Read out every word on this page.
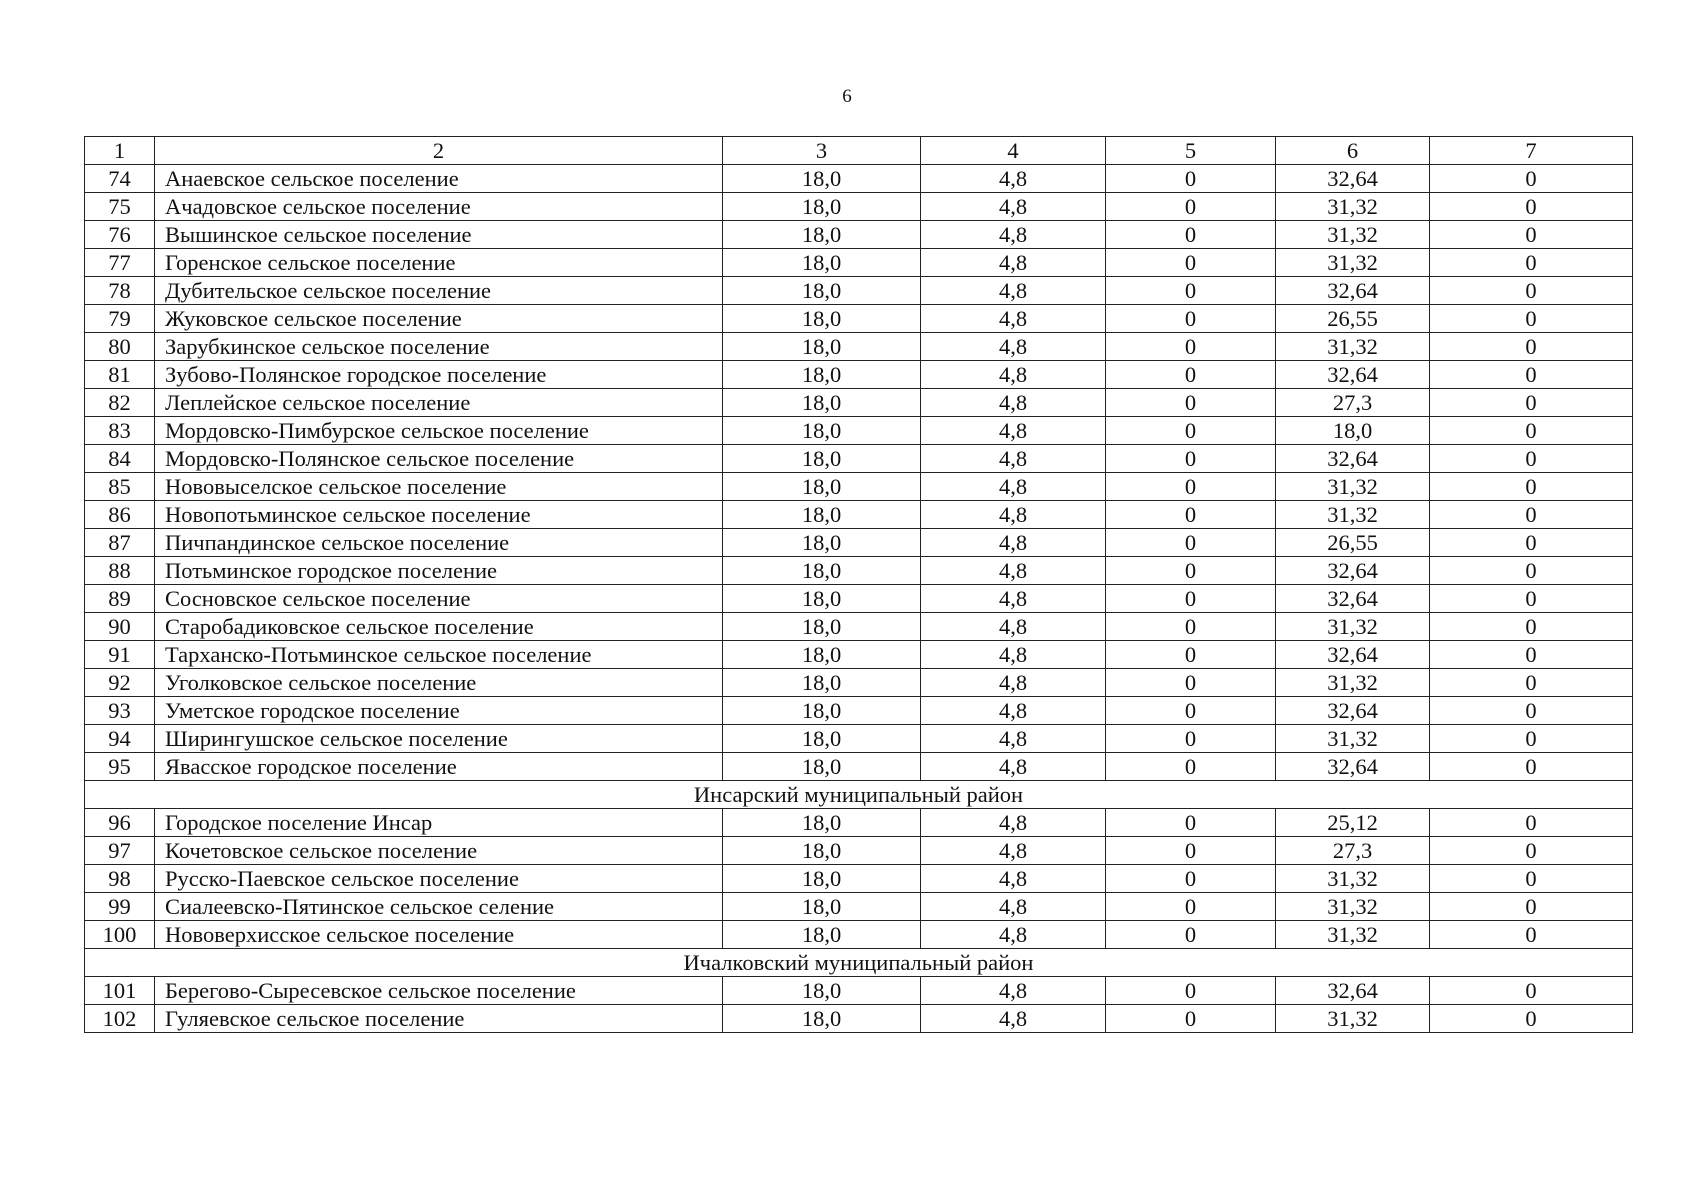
6
1	2	3	4	5	6	7
74	Анаевское сельское поселение	18,0	4,8	0	32,64	0
75	Ачадовское сельское поселение	18,0	4,8	0	31,32	0
76	Вышинское сельское поселение	18,0	4,8	0	31,32	0
77	Горенское сельское поселение	18,0	4,8	0	31,32	0
78	Дубительское сельское поселение	18,0	4,8	0	32,64	0
79	Жуковское сельское поселение	18,0	4,8	0	26,55	0
80	Зарубкинское сельское поселение	18,0	4,8	0	31,32	0
81	Зубово-Полянское городское поселение	18,0	4,8	0	32,64	0
82	Леплейское сельское поселение	18,0	4,8	0	27,3	0
83	Мордовско-Пимбурское сельское поселение	18,0	4,8	0	18,0	0
84	Мордовско-Полянское сельское поселение	18,0	4,8	0	32,64	0
85	Нововыселское сельское поселение	18,0	4,8	0	31,32	0
86	Новопотьминское сельское поселение	18,0	4,8	0	31,32	0
87	Пичпандинское сельское поселение	18,0	4,8	0	26,55	0
88	Потьминское городское поселение	18,0	4,8	0	32,64	0
89	Сосновское сельское поселение	18,0	4,8	0	32,64	0
90	Старобадиковское сельское поселение	18,0	4,8	0	31,32	0
91	Тарханско-Потьминское сельское поселение	18,0	4,8	0	32,64	0
92	Уголковское сельское поселение	18,0	4,8	0	31,32	0
93	Уметское городское поселение	18,0	4,8	0	32,64	0
94	Ширингушское сельское поселение	18,0	4,8	0	31,32	0
95	Явасское городское поселение	18,0	4,8	0	32,64	0
Инсарский муниципальный район						
96	Городское поселение Инсар	18,0	4,8	0	25,12	0
97	Кочетовское сельское поселение	18,0	4,8	0	27,3	0
98	Русско-Паевское сельское поселение	18,0	4,8	0	31,32	0
99	Сиалеевско-Пятинское сельское селение	18,0	4,8	0	31,32	0
100	Нововерхисское сельское поселение	18,0	4,8	0	31,32	0
Ичалковский муниципальный район						
101	Берегово-Сыресевское сельское поселение	18,0	4,8	0	32,64	0
102	Гуляевское сельское поселение	18,0	4,8	0	31,32	0
